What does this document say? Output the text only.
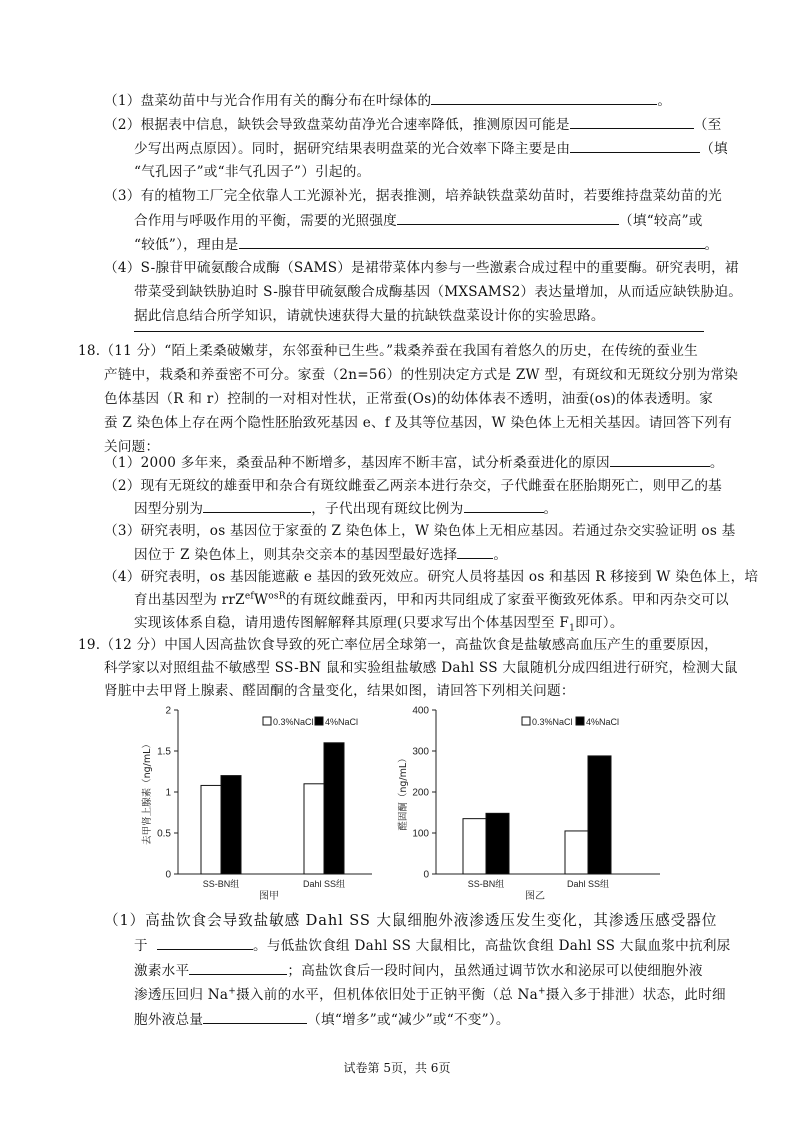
（1）盘菜幼苗中与光合作用有关的酶分布在叶绿体的	。
（2）根据表中信息，缺铁会导致盘菜幼苗净光合速率降低，推测原因可能是	（至
少写出两点原因）。同时，据研究结果表明盘菜的光合效率下降主要是由	（填
“气孔因子”或“非气孔因子”）引起的。
（3）有的植物工厂完全依靠人工光源补光，据表推测，培养缺铁盘菜幼苗时，若要维持盘菜幼苗的光
合作用与呼吸作用的平衡，需要的光照强度	（填“较高”或
“较低”），理由是	。
（4）S-腺苷甲硫氨酸合成酶（SAMS）是裙带菜体内参与一些激素合成过程中的重要酶。研究表明，裙
带菜受到缺铁胁迫时 S-腺苷甲硫氨酸合成酶基因（MXSAMS2）表达量增加，从而适应缺铁胁迫。
据此信息结合所学知识，请就快速获得大量的抗缺铁盘菜设计你的实验思路。
18.（11 分）“陌上柔桑破嫩芽，东邻蚕种已生些。”栽桑养蚕在我国有着悠久的历史，在传统的蚕业生
产链中，栽桑和养蚕密不可分。家蚕（2n=56）的性别决定方式是 ZW 型，有斑纹和无斑纹分别为常染
色体基因（R 和 r）控制的一对相对性状，正常蚕(Os)的幼体体表不透明，油蚕(os)的体表透明。家
蚕 Z 染色体上存在两个隐性胚胎致死基因 e、f 及其等位基因，W 染色体上无相关基因。请回答下列有
关问题：
（1）2000 多年来，桑蚕品种不断增多，基因库不断丰富，试分析桑蚕进化的原因	。
（2）现有无斑纹的雄蚕甲和杂合有斑纹雌蚕乙两亲本进行杂交，子代雌蚕在胚胎期死亡，则甲乙的基
因型分别为	，子代出现有斑纹比例为	。
（3）研究表明，os 基因位于家蚕的 Z 染色体上，W 染色体上无相应基因。若通过杂交实验证明 os 基
因位于 Z 染色体上，则其杂交亲本的基因型最好选择	。
（4）研究表明，os 基因能遮蔽 e 基因的致死效应。研究人员将基因 os 和基因 R 移接到 W 染色体上，培
育出基因型为 $rrZ^{ef}W^{osR}$的有斑纹雌蚕丙，甲和丙共同组成了家蚕平衡致死体系。甲和丙杂交可以
实现该体系自稳，请用遗传图解解释其原理(只要求写出个体基因型至 $F_1$即可）。
19.（12 分）中国人因高盐饮食导致的死亡率位居全球第一，高盐饮食是盐敏感高血压产生的重要原因，
科学家以对照组盐不敏感型 SS-BN 鼠和实验组盐敏感 Dahl SS 大鼠随机分成四组进行研究，检测大鼠
肾脏中去甲肾上腺素、醛固酮的含量变化，结果如图，请回答下列相关问题：
0
0.5
1
1.5
2
SS-BN组	Dahl SS组
图甲
去甲肾上腺素（ng/mL）
0.3%NaCl 4%NaCl
0
100
200
300
400
SS-BN组	Dahl SS组
图乙
醛固酮（ng/mL）
0.3%NaCl 4%NaCl
（1）高盐饮食会导致盐敏感 Dahl SS 大鼠细胞外液渗透压发生变化，其渗透压感受器位
于	。与低盐饮食组 Dahl SS 大鼠相比，高盐饮食组 Dahl SS 大鼠血浆中抗利尿
激素水平	；高盐饮食后一段时间内，虽然通过调节饮水和泌尿可以使细胞外液
渗透压回归 Na+摄入前的水平，但机体依旧处于正钠平衡（总 Na+摄入多于排泄）状态，此时细
胞外液总量	（填“增多”或“减少”或“不变”）。
试卷第 5页，共 6页
